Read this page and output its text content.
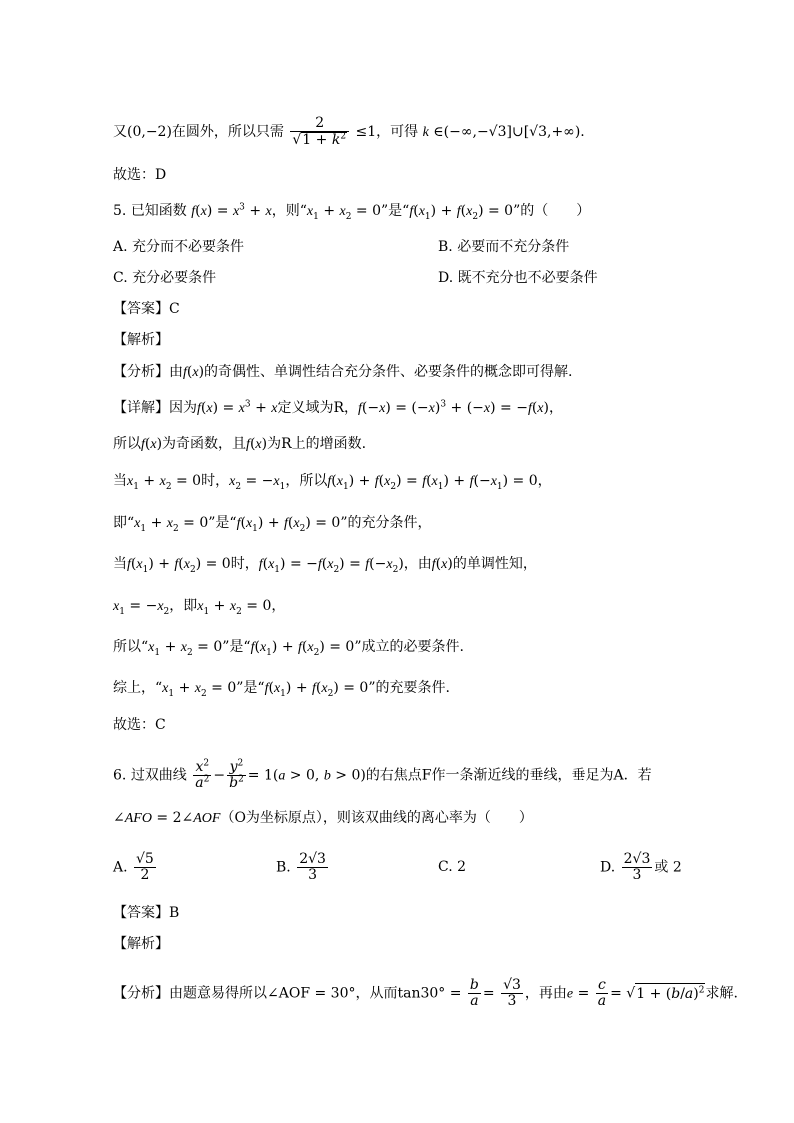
又(0,−2)在圆外，所以只需 $\frac{2}{√1 + k^2} \le 1$，可得 k ∈(−∞,−√3]∪[√3,+∞).
故选：D
5. 已知函数 $f(x) = x^3 + x$，则“$x_1 + x_2 = 0$”是“$f(x_1) + f(x_2) = 0$”的（　　）
A. 充分而不必要条件	B. 必要而不充分条件
C. 充分必要条件	D. 既不充分也不必要条件
【答案】C
【解析】
【分析】由f(x)的奇偶性、单调性结合充分条件、必要条件的概念即可得解.
【详解】因为$f(x) = x^3 + x$定义域为R，$f(-x) = (-x)^3 + (-x) = -f(x)$，
所以f(x)为奇函数，且f(x)为R上的增函数.
当$x_1 + x_2 = 0$时，$x_2 = -x_1$，所以$f(x_1) + f(x_2) = f(x_1) + f(-x_1) = 0$，
即“$x_1 + x_2 = 0$”是“$f(x_1) + f(x_2) = 0$”的充分条件，
当$f(x_1) + f(x_2) = 0$时，$f(x_1) = -f(x_2) = f(-x_2)$，由f(x)的单调性知，
$x_1 = -x_2$，即$x_1 + x_2 = 0$，
所以“$x_1 + x_2 = 0$”是“$f(x_1) + f(x_2) = 0$”成立的必要条件.
综上，“$x_1 + x_2 = 0$”是“$f(x_1) + f(x_2) = 0$”的充要条件.
故选：C
6. 过双曲线 $\frac{x^2}{a^2} - \frac{y^2}{b^2} = 1(a > 0$, b > 0)的右焦点F作一条渐近线的垂线，垂足为A．若
∠AFO = 2∠AOF（O为坐标原点），则该双曲线的离心率为（　　）
A. $\frac{√5}{2}$	B. $\frac{2√3}{3}$	C. 2	D. $\frac{2√3}{3}$ 或 2
【答案】B
【解析】
【分析】由题意易得所以∠AOF = 30°，从而$\tan 30^\circ = \frac{b}{a} = \frac{√3}{3}$ ，再由$e = \frac{c}{a} = √1 + (b/a)^2$求解.
